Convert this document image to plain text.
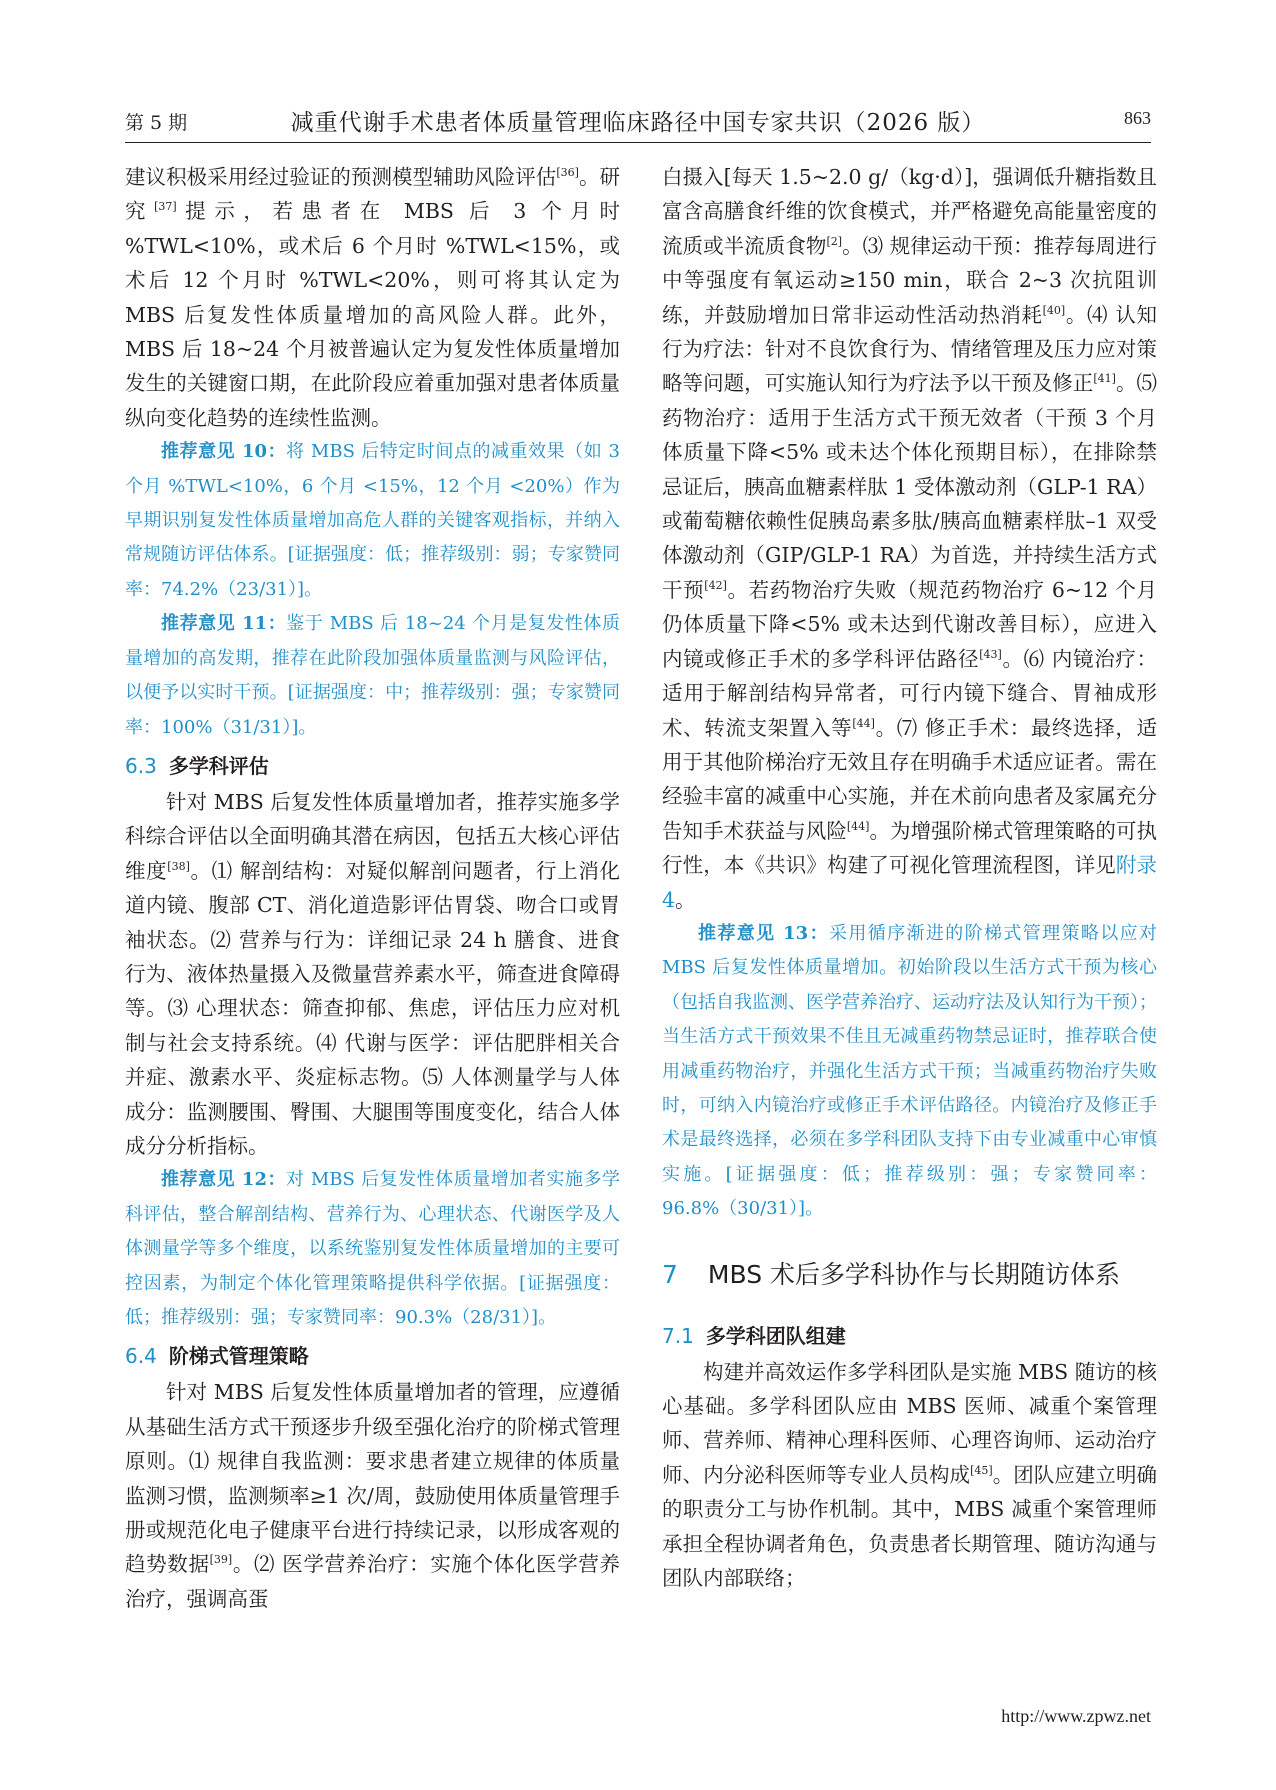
第 5 期	减重代谢手术患者体质量管理临床路径中国专家共识（2026 版）	863

建议积极采用经过验证的预测模型辅助风险评估[36]。研究[37]提示，若患者在 MBS 后 3 个月时 %TWL<10%，或术后 6 个月时 %TWL<15%，或术后 12 个月时 %TWL<20%，则可将其认定为 MBS 后复发性体质量增加的高风险人群。此外，MBS 后 18~24 个月被普遍认定为复发性体质量增加发生的关键窗口期，在此阶段应着重加强对患者体质量纵向变化趋势的连续性监测。

推荐意见 10：将 MBS 后特定时间点的减重效果（如 3 个月 %TWL<10%，6 个月 <15%，12 个月 <20%）作为早期识别复发性体质量增加高危人群的关键客观指标，并纳入常规随访评估体系。[证据强度：低；推荐级别：弱；专家赞同率：74.2%（23/31）]。

推荐意见 11：鉴于 MBS 后 18~24 个月是复发性体质量增加的高发期，推荐在此阶段加强体质量监测与风险评估，以便予以实时干预。[证据强度：中；推荐级别：强；专家赞同率：100%（31/31）]。

6.3 多学科评估

针对 MBS 后复发性体质量增加者，推荐实施多学科综合评估以全面明确其潜在病因，包括五大核心评估维度[38]。⑴ 解剖结构：对疑似解剖问题者，行上消化道内镜、腹部 CT、消化道造影评估胃袋、吻合口或胃袖状态。⑵ 营养与行为：详细记录 24 h 膳食、进食行为、液体热量摄入及微量营养素水平，筛查进食障碍等。⑶ 心理状态：筛查抑郁、焦虑，评估压力应对机制与社会支持系统。⑷ 代谢与医学：评估肥胖相关合并症、激素水平、炎症标志物。⑸ 人体测量学与人体成分：监测腰围、臀围、大腿围等围度变化，结合人体成分分析指标。

推荐意见 12：对 MBS 后复发性体质量增加者实施多学科评估，整合解剖结构、营养行为、心理状态、代谢医学及人体测量学等多个维度，以系统鉴别复发性体质量增加的主要可控因素，为制定个体化管理策略提供科学依据。[证据强度：低；推荐级别：强；专家赞同率：90.3%（28/31）]。

6.4 阶梯式管理策略

针对 MBS 后复发性体质量增加者的管理，应遵循从基础生活方式干预逐步升级至强化治疗的阶梯式管理原则。⑴ 规律自我监测：要求患者建立规律的体质量监测习惯，监测频率≥1 次/周，鼓励使用体质量管理手册或规范化电子健康平台进行持续记录，以形成客观的趋势数据[39]。⑵ 医学营养治疗：实施个体化医学营养治疗，强调高蛋

白摄入[每天 1.5~2.0 g/（kg·d）]，强调低升糖指数且富含高膳食纤维的饮食模式，并严格避免高能量密度的流质或半流质食物[2]。⑶ 规律运动干预：推荐每周进行中等强度有氧运动≥150 min，联合 2~3 次抗阻训练，并鼓励增加日常非运动性活动热消耗[40]。⑷ 认知行为疗法：针对不良饮食行为、情绪管理及压力应对策略等问题，可实施认知行为疗法予以干预及修正[41]。⑸ 药物治疗：适用于生活方式干预无效者（干预 3 个月体质量下降<5% 或未达个体化预期目标），在排除禁忌证后，胰高血糖素样肽 1 受体激动剂（GLP-1 RA）或葡萄糖依赖性促胰岛素多肽/胰高血糖素样肽–1 双受体激动剂（GIP/GLP-1 RA）为首选，并持续生活方式干预[42]。若药物治疗失败（规范药物治疗 6~12 个月仍体质量下降<5% 或未达到代谢改善目标），应进入内镜或修正手术的多学科评估路径[43]。⑹ 内镜治疗：适用于解剖结构异常者，可行内镜下缝合、胃袖成形术、转流支架置入等[44]。⑺ 修正手术：最终选择，适用于其他阶梯治疗无效且存在明确手术适应证者。需在经验丰富的减重中心实施，并在术前向患者及家属充分告知手术获益与风险[44]。为增强阶梯式管理策略的可执行性，本《共识》构建了可视化管理流程图，详见附录 4。

推荐意见 13：采用循序渐进的阶梯式管理策略以应对 MBS 后复发性体质量增加。初始阶段以生活方式干预为核心（包括自我监测、医学营养治疗、运动疗法及认知行为干预）；当生活方式干预效果不佳且无减重药物禁忌证时，推荐联合使用减重药物治疗，并强化生活方式干预；当减重药物治疗失败时，可纳入内镜治疗或修正手术评估路径。内镜治疗及修正手术是最终选择，必须在多学科团队支持下由专业减重中心审慎实施。[证据强度：低；推荐级别：强；专家赞同率：96.8%（30/31）]。

7 MBS 术后多学科协作与长期随访体系
7.1 多学科团队组建

构建并高效运作多学科团队是实施 MBS 随访的核心基础。多学科团队应由 MBS 医师、减重个案管理师、营养师、精神心理科医师、心理咨询师、运动治疗师、内分泌科医师等专业人员构成[45]。团队应建立明确的职责分工与协作机制。其中，MBS 减重个案管理师承担全程协调者角色，负责患者长期管理、随访沟通与团队内部联络；

http://www.zpwz.net
